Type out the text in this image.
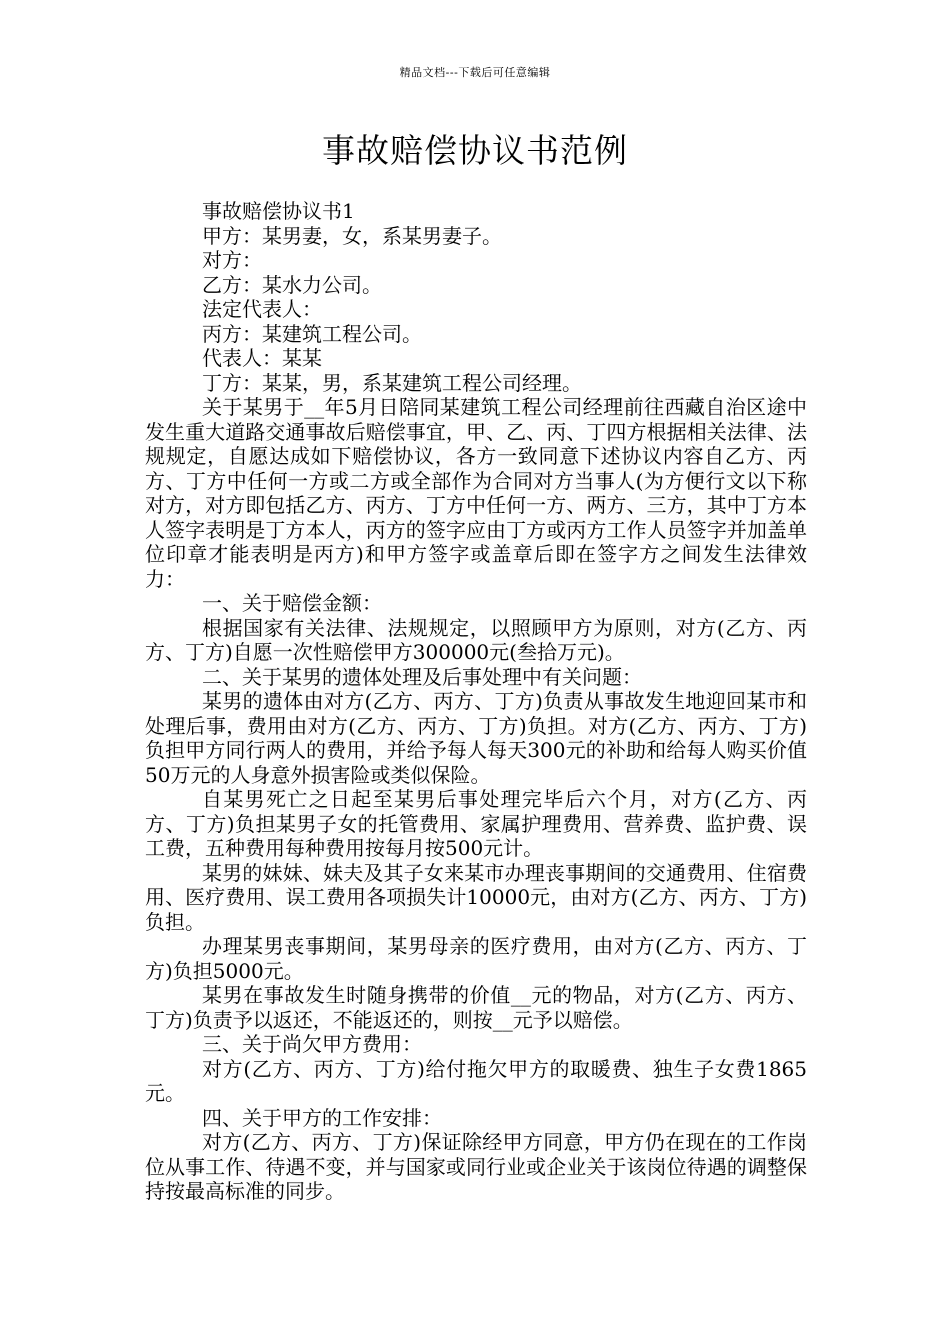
精品文档---下载后可任意编辑
事故赔偿协议书范例

事故赔偿协议书1

甲方：某男妻，女，系某男妻子。

对方：

乙方：某水力公司。

法定代表人：

丙方：某建筑工程公司。

代表人：某某

丁方：某某，男，系某建筑工程公司经理。

关于某男于__年5月日陪同某建筑工程公司经理前往西藏自治区途中发生重大道路交通事故后赔偿事宜，甲、乙、丙、丁四方根据相关法律、法规规定，自愿达成如下赔偿协议，各方一致同意下述协议内容自乙方、丙方、丁方中任何一方或二方或全部作为合同对方当事人(为方便行文以下称对方，对方即包括乙方、丙方、丁方中任何一方、两方、三方，其中丁方本人签字表明是丁方本人，丙方的签字应由丁方或丙方工作人员签字并加盖单位印章才能表明是丙方)和甲方签字或盖章后即在签字方之间发生法律效力：

一、关于赔偿金额：

根据国家有关法律、法规规定，以照顾甲方为原则，对方(乙方、丙方、丁方)自愿一次性赔偿甲方300000元(叁拾万元)。

二、关于某男的遗体处理及后事处理中有关问题：

某男的遗体由对方(乙方、丙方、丁方)负责从事故发生地迎回某市和处理后事，费用由对方(乙方、丙方、丁方)负担。对方(乙方、丙方、丁方)负担甲方同行两人的费用，并给予每人每天300元的补助和给每人购买价值50万元的人身意外损害险或类似保险。

自某男死亡之日起至某男后事处理完毕后六个月，对方(乙方、丙方、丁方)负担某男子女的托管费用、家属护理费用、营养费、监护费、误工费，五种费用每种费用按每月按500元计。

某男的妹妹、妹夫及其子女来某市办理丧事期间的交通费用、住宿费用、医疗费用、误工费用各项损失计10000元，由对方(乙方、丙方、丁方)负担。

办理某男丧事期间，某男母亲的医疗费用，由对方(乙方、丙方、丁方)负担5000元。

某男在事故发生时随身携带的价值__元的物品，对方(乙方、丙方、丁方)负责予以返还，不能返还的，则按__元予以赔偿。

三、关于尚欠甲方费用：

对方(乙方、丙方、丁方)给付拖欠甲方的取暖费、独生子女费1865元。

四、关于甲方的工作安排：

对方(乙方、丙方、丁方)保证除经甲方同意，甲方仍在现在的工作岗位从事工作、待遇不变，并与国家或同行业或企业关于该岗位待遇的调整保持按最高标准的同步。
